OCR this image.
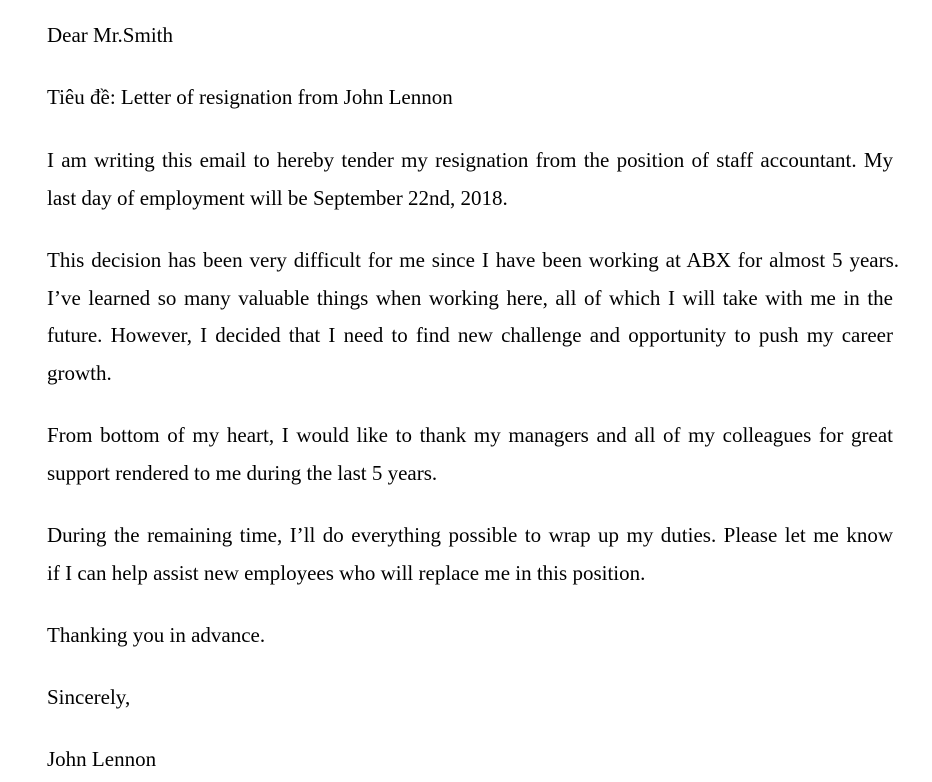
Dear Mr.Smith

Tiêu đề: Letter of resignation from John Lennon

I am writing this email to hereby tender my resignation from the position of staff accountant. My
last day of employment will be September 22nd, 2018.
This decision has been very difficult for me since I have been working at ABX for almost 5 years.
I’ve learned so many valuable things when working here, all of which I will take with me in the
future. However, I decided that I need to find new challenge and opportunity to push my career
growth.
From bottom of my heart, I would like to thank my managers and all of my colleagues for great
support rendered to me during the last 5 years.
During the remaining time, I’ll do everything possible to wrap up my duties. Please let me know
if I can help assist new employees who will replace me in this position.

Thanking you in advance.

Sincerely,

John Lennon
